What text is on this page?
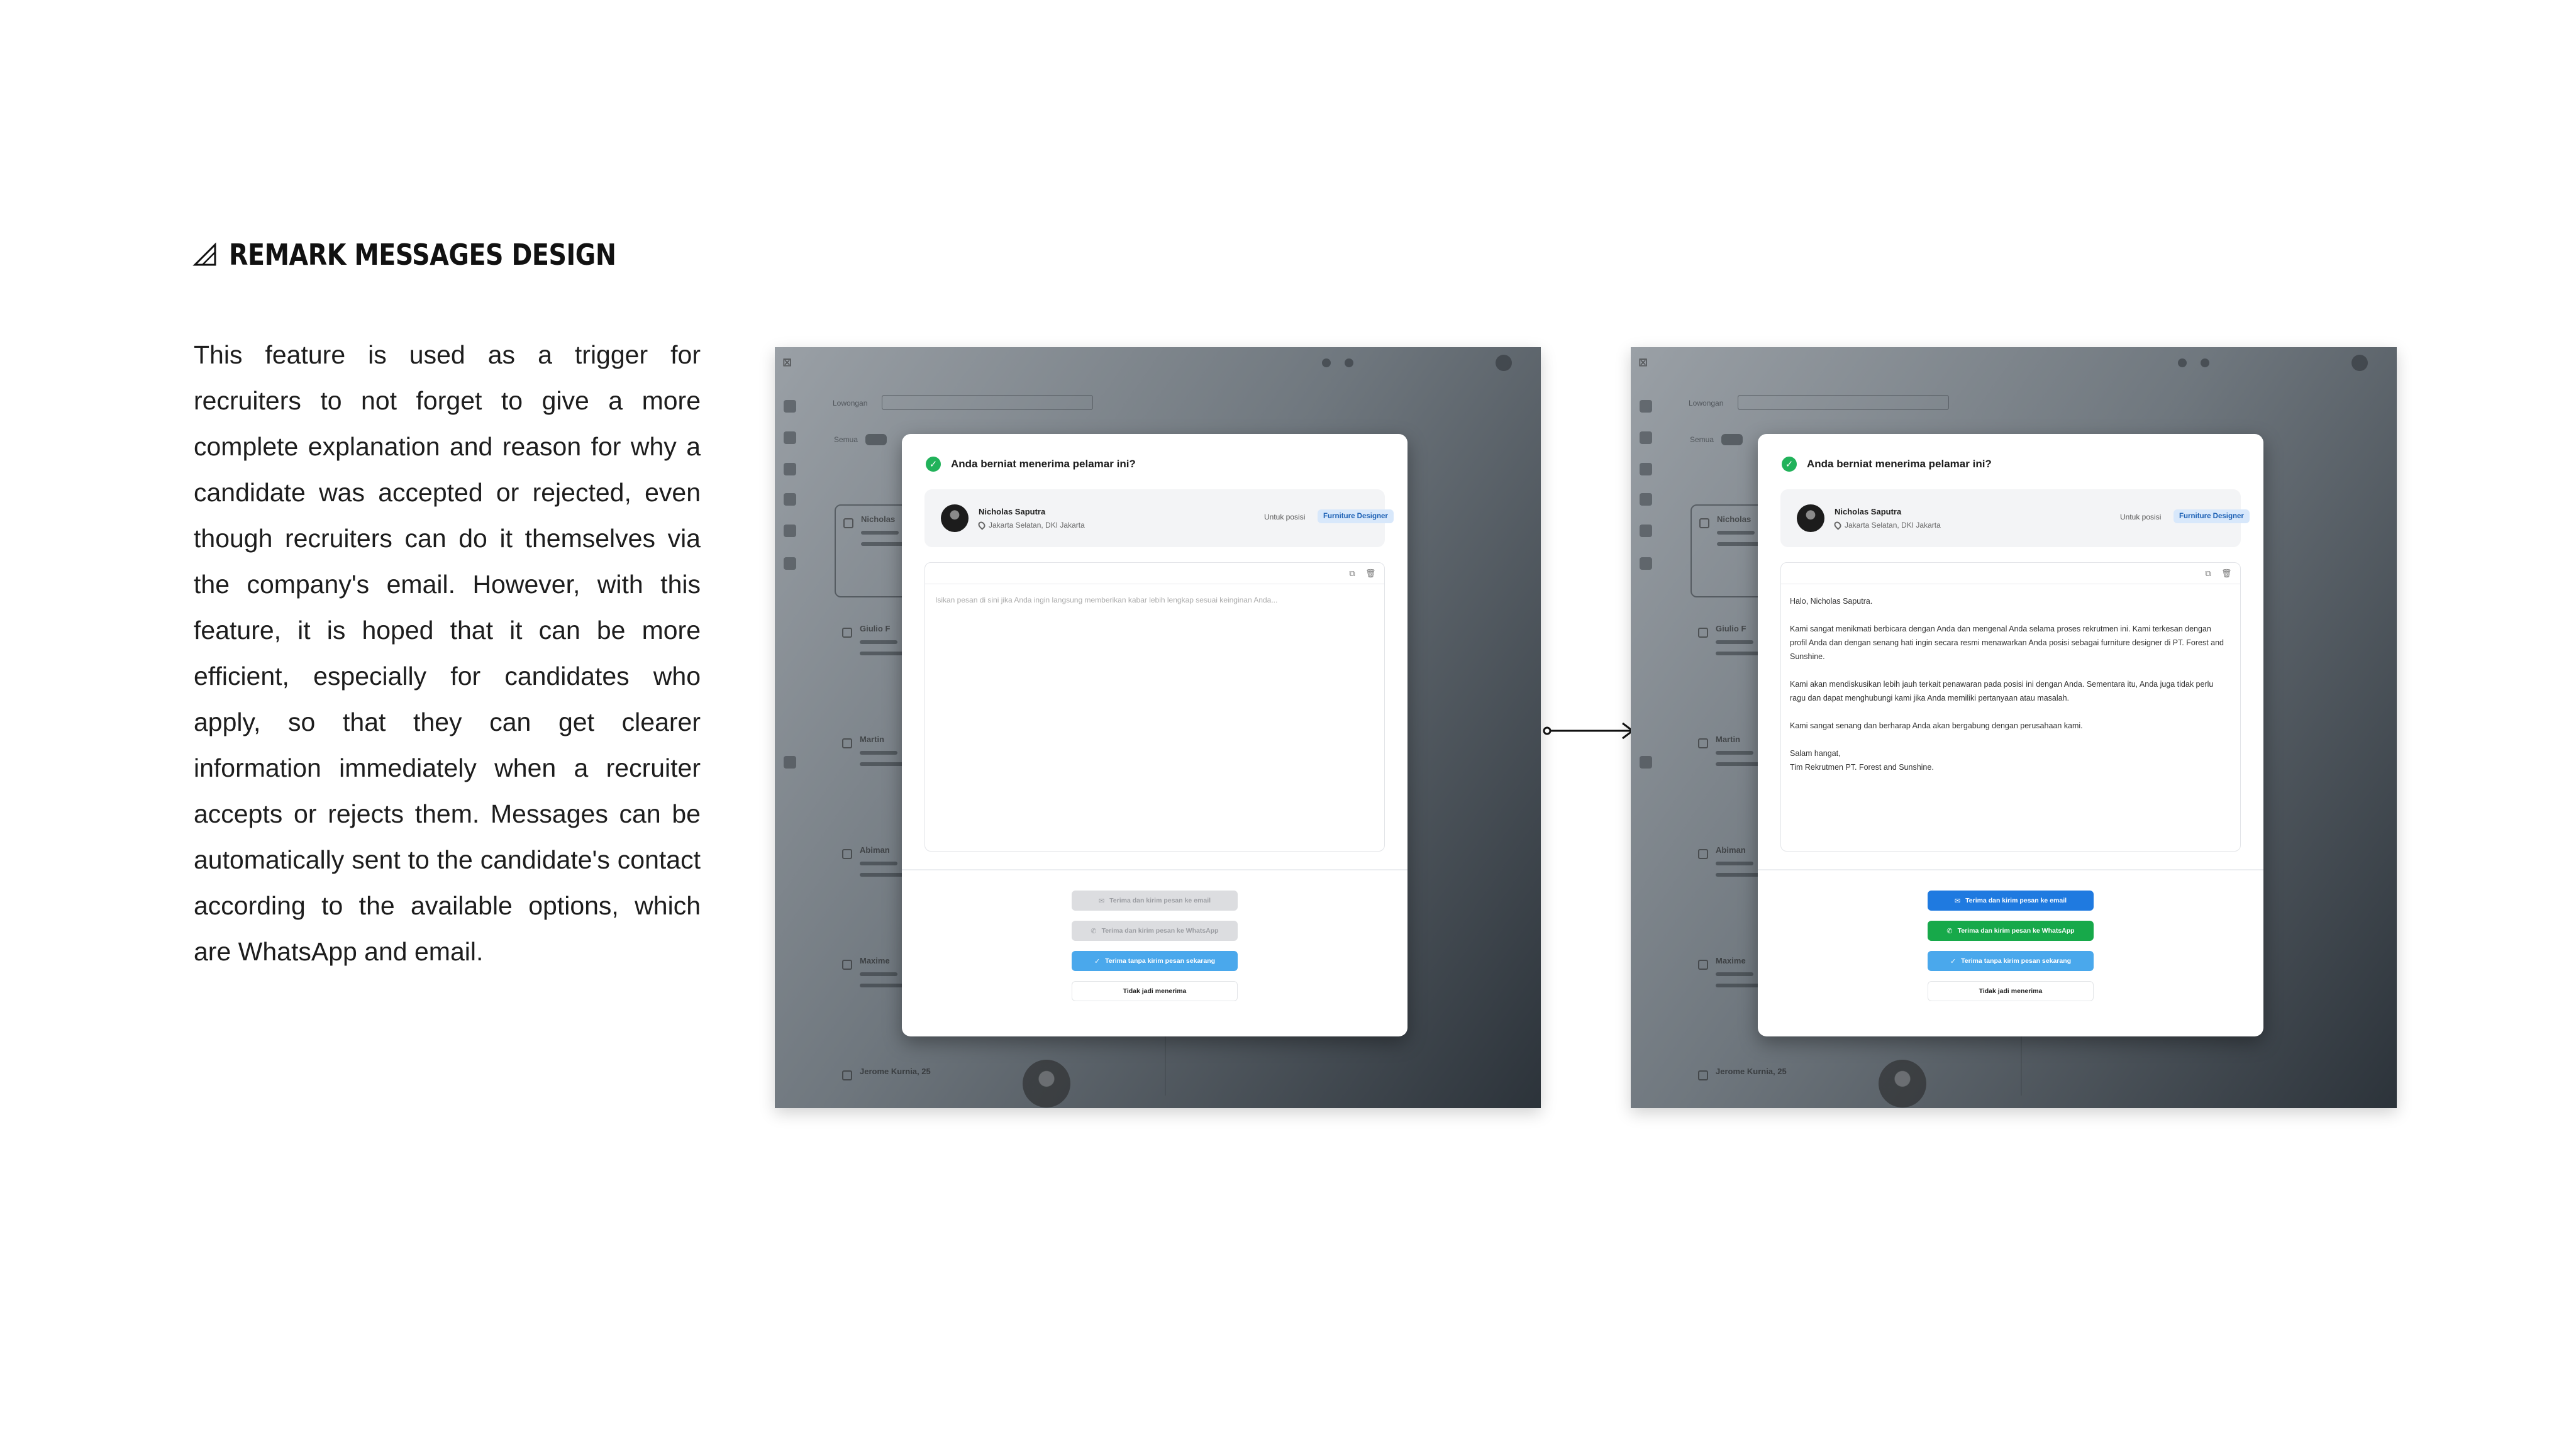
REMARK MESSAGES DESIGN

This feature is used as a trigger for recruiters to not forget to give a more complete explanation and reason for why a candidate was accepted or rejected, even though recruiters can do it themselves via the company's email. However, with this feature, it is hoped that it can be more efficient, especially for candidates who apply, so that they can get clearer information immediately when a recruiter accepts or rejects them. Messages can be automatically sent to the candidate's contact according to the available options, which are WhatsApp and email.

⊠
Lowongan
Semua
Nicholas
Giulio F
Martin
Abiman
Maxime
Jerome Kurnia, 25
✓	Anda berniat menerima pelamar ini?
Nicholas Saputra
Jakarta Selatan, DKI Jakarta
Untuk posisi	Furniture Designer
⧉ 🗑
Isikan pesan di sini jika Anda ingin langsung memberikan kabar lebih lengkap sesuai keinginan Anda...
✉ Terima dan kirim pesan ke email
✆ Terima dan kirim pesan ke WhatsApp
✓ Terima tanpa kirim pesan sekarang
Tidak jadi menerima
⊠
Lowongan
Semua
Nicholas
Giulio F
Martin
Abiman
Maxime
Jerome Kurnia, 25
✓	Anda berniat menerima pelamar ini?
Nicholas Saputra
Jakarta Selatan, DKI Jakarta
Untuk posisi	Furniture Designer
⧉ 🗑

Halo, Nicholas Saputra.

Kami sangat menikmati berbicara dengan Anda dan mengenal Anda selama proses rekrutmen ini. Kami terkesan dengan profil Anda dan dengan senang hati ingin secara resmi menawarkan Anda posisi sebagai furniture designer di PT. Forest and Sunshine.

Kami akan mendiskusikan lebih jauh terkait penawaran pada posisi ini dengan Anda. Sementara itu, Anda juga tidak perlu ragu dan dapat menghubungi kami jika Anda memiliki pertanyaan atau masalah.

Kami sangat senang dan berharap Anda akan bergabung dengan perusahaan kami.

Salam hangat,
Tim Rekrutmen PT. Forest and Sunshine.
✉ Terima dan kirim pesan ke email
✆ Terima dan kirim pesan ke WhatsApp
✓ Terima tanpa kirim pesan sekarang
Tidak jadi menerima
